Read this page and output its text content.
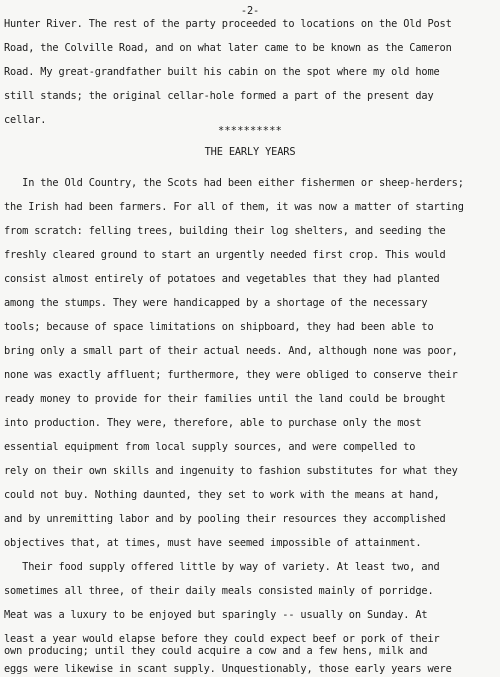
-2-
Hunter River. The rest of the party proceeded to locations on the Old Post
Road, the Colville Road, and on what later came to be known as the Cameron
Road. My great-grandfather built his cabin on the spot where my old home
still stands; the original cellar-hole formed a part of the present day
cellar.
**********
THE EARLY YEARS
In the Old Country, the Scots had been either fishermen or sheep-herders;
the Irish had been farmers. For all of them, it was now a matter of starting
from scratch: felling trees, building their log shelters, and seeding the
freshly cleared ground to start an urgently needed first crop. This would
consist almost entirely of potatoes and vegetables that they had planted
among the stumps. They were handicapped by a shortage of the necessary
tools; because of space limitations on shipboard, they had been able to
bring only a small part of their actual needs. And, although none was poor,
none was exactly affluent; furthermore, they were obliged to conserve their
ready money to provide for their families until the land could be brought
into production. They were, therefore, able to purchase only the most
essential equipment from local supply sources, and were compelled to
rely on their own skills and ingenuity to fashion substitutes for what they
could not buy. Nothing daunted, they set to work with the means at hand,
and by unremitting labor and by pooling their resources they accomplished
objectives that, at times, must have seemed impossible of attainment.
Their food supply offered little by way of variety. At least two, and
sometimes all three, of their daily meals consisted mainly of porridge.
Meat was a luxury to be enjoyed but sparingly -- usually on Sunday. At
least a year would elapse before they could expect beef or pork of their
own producing; until they could acquire a cow and a few hens, milk and
eggs were likewise in scant supply. Unquestionably, those early years were
